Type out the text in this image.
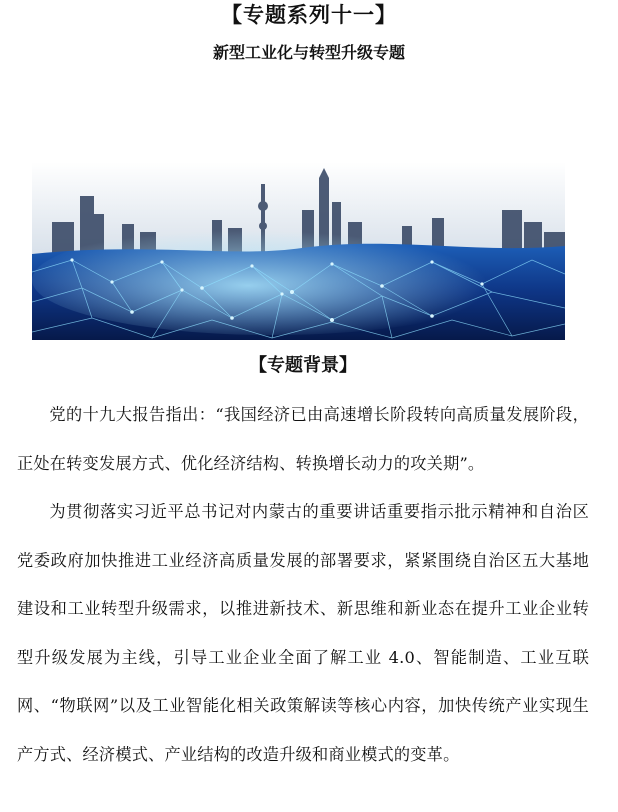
【专题系列十一】
新型工业化与转型升级专题
【专题背景】

党的十九大报告指出：“我国经济已由高速增长阶段转向高质量发展阶段，正处在转变发展方式、优化经济结构、转换增长动力的攻关期”。

为贯彻落实习近平总书记对内蒙古的重要讲话重要指示批示精神和自治区党委政府加快推进工业经济高质量发展的部署要求，紧紧围绕自治区五大基地建设和工业转型升级需求，以推进新技术、新思维和新业态在提升工业企业转型升级发展为主线，引导工业企业全面了解工业 4.0、智能制造、工业互联网、“物联网”以及工业智能化相关政策解读等核心内容，加快传统产业实现生产方式、经济模式、产业结构的改造升级和商业模式的变革。
